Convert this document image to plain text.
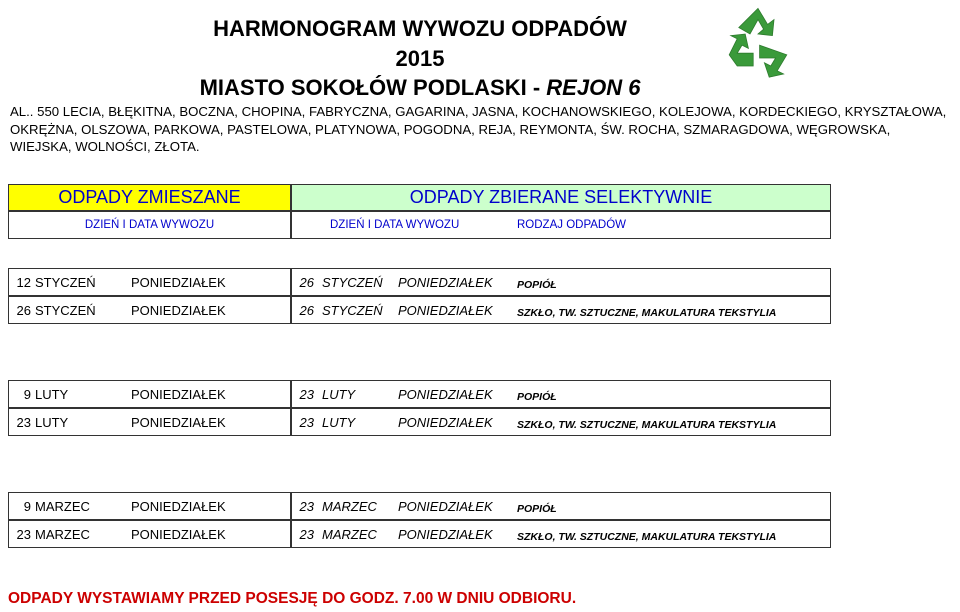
HARMONOGRAM WYWOZU ODPADÓW
2015
MIASTO SOKOŁÓW PODLASKI - REJON 6
AL.. 550 LECIA, BŁĘKITNA, BOCZNA, CHOPINA, FABRYCZNA, GAGARINA, JASNA, KOCHANOWSKIEGO, KOLEJOWA, KORDECKIEGO, KRYSZTAŁOWA, OKRĘŻNA, OLSZOWA, PARKOWA, PASTELOWA, PLATYNOWA, POGODNA, REJA, REYMONTA, ŚW. ROCHA, SZMARAGDOWA, WĘGROWSKA, WIEJSKA, WOLNOŚCI, ZŁOTA.
ODPADY ZMIESZANE	ODPADY ZBIERANE SELEKTYWNIE
DZIEŃ I DATA WYWOZU	DZIEŃ I DATA WYWOZU	RODZAJ ODPADÓW
12 STYCZEŃ	PONIEDZIAŁEK	26 STYCZEŃ PONIEDZIAŁEK POPIÓŁ
26 STYCZEŃ	PONIEDZIAŁEK	26 STYCZEŃ PONIEDZIAŁEK SZKŁO, TW. SZTUCZNE, MAKULATURA TEKSTYLIA
9 LUTY	PONIEDZIAŁEK	23 LUTY	PONIEDZIAŁEK POPIÓŁ
23 LUTY	PONIEDZIAŁEK	23 LUTY	PONIEDZIAŁEK SZKŁO, TW. SZTUCZNE, MAKULATURA TEKSTYLIA
9 MARZEC	PONIEDZIAŁEK	23 MARZEC PONIEDZIAŁEK POPIÓŁ
23 MARZEC	PONIEDZIAŁEK	23 MARZEC PONIEDZIAŁEK SZKŁO, TW. SZTUCZNE, MAKULATURA TEKSTYLIA
ODPADY WYSTAWIAMY PRZED POSESJĘ DO GODZ. 7.00 W DNIU ODBIORU.
